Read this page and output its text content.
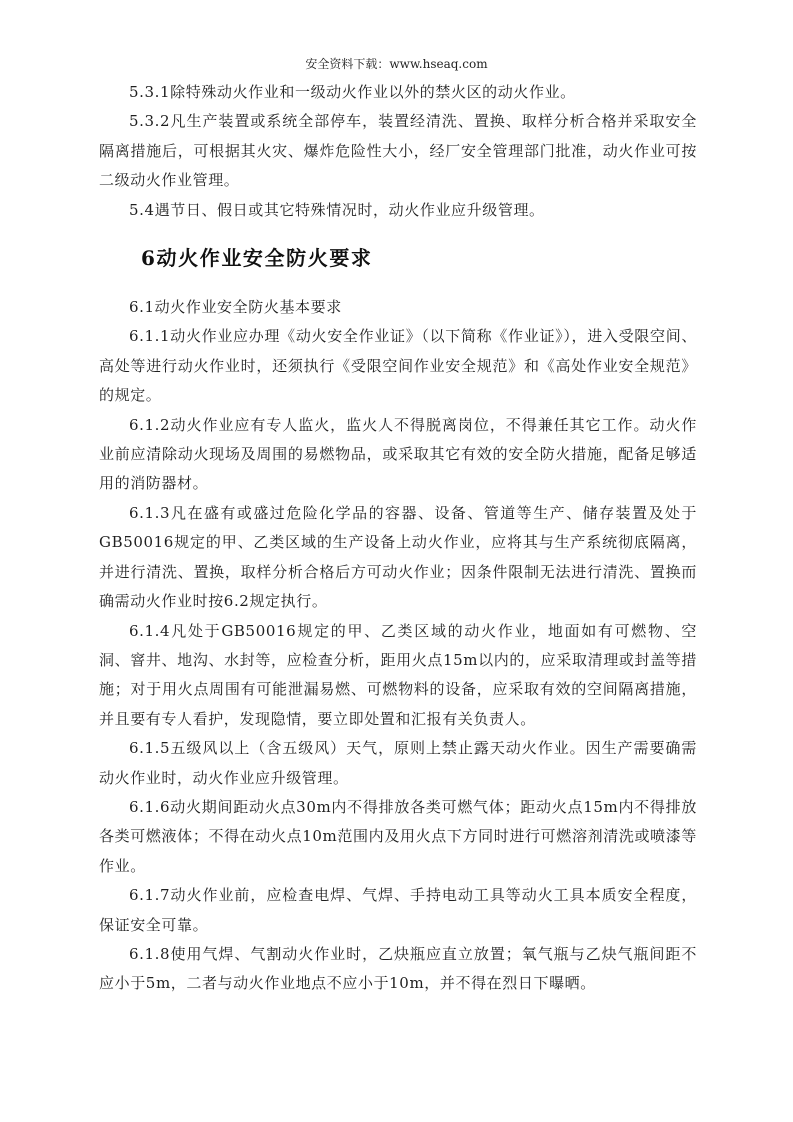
安全资料下载：www.hseaq.com

5.3.1除特殊动火作业和一级动火作业以外的禁火区的动火作业。

5.3.2凡生产装置或系统全部停车，装置经清洗、置换、取样分析合格并采取安全隔离措施后，可根据其火灾、爆炸危险性大小，经厂安全管理部门批准，动火作业可按二级动火作业管理。

5.4遇节日、假日或其它特殊情况时，动火作业应升级管理。

6动火作业安全防火要求

6.1动火作业安全防火基本要求

6.1.1动火作业应办理《动火安全作业证》（以下简称《作业证》），进入受限空间、高处等进行动火作业时，还须执行《受限空间作业安全规范》和《高处作业安全规范》的规定。

6.1.2动火作业应有专人监火，监火人不得脱离岗位，不得兼任其它工作。动火作业前应清除动火现场及周围的易燃物品，或采取其它有效的安全防火措施，配备足够适用的消防器材。

6.1.3凡在盛有或盛过危险化学品的容器、设备、管道等生产、储存装置及处于GB50016规定的甲、乙类区域的生产设备上动火作业，应将其与生产系统彻底隔离，并进行清洗、置换，取样分析合格后方可动火作业；因条件限制无法进行清洗、置换而确需动火作业时按6.2规定执行。

6.1.4凡处于GB50016规定的甲、乙类区域的动火作业，地面如有可燃物、空洞、窨井、地沟、水封等，应检查分析，距用火点15m以内的，应采取清理或封盖等措施；对于用火点周围有可能泄漏易燃、可燃物料的设备，应采取有效的空间隔离措施，并且要有专人看护，发现隐情，要立即处置和汇报有关负责人。

6.1.5五级风以上（含五级风）天气，原则上禁止露天动火作业。因生产需要确需动火作业时，动火作业应升级管理。

6.1.6动火期间距动火点30m内不得排放各类可燃气体；距动火点15m内不得排放各类可燃液体；不得在动火点10m范围内及用火点下方同时进行可燃溶剂清洗或喷漆等作业。

6.1.7动火作业前，应检查电焊、气焊、手持电动工具等动火工具本质安全程度，保证安全可靠。

6.1.8使用气焊、气割动火作业时，乙炔瓶应直立放置；氧气瓶与乙炔气瓶间距不应小于5m，二者与动火作业地点不应小于10m，并不得在烈日下曝晒。
